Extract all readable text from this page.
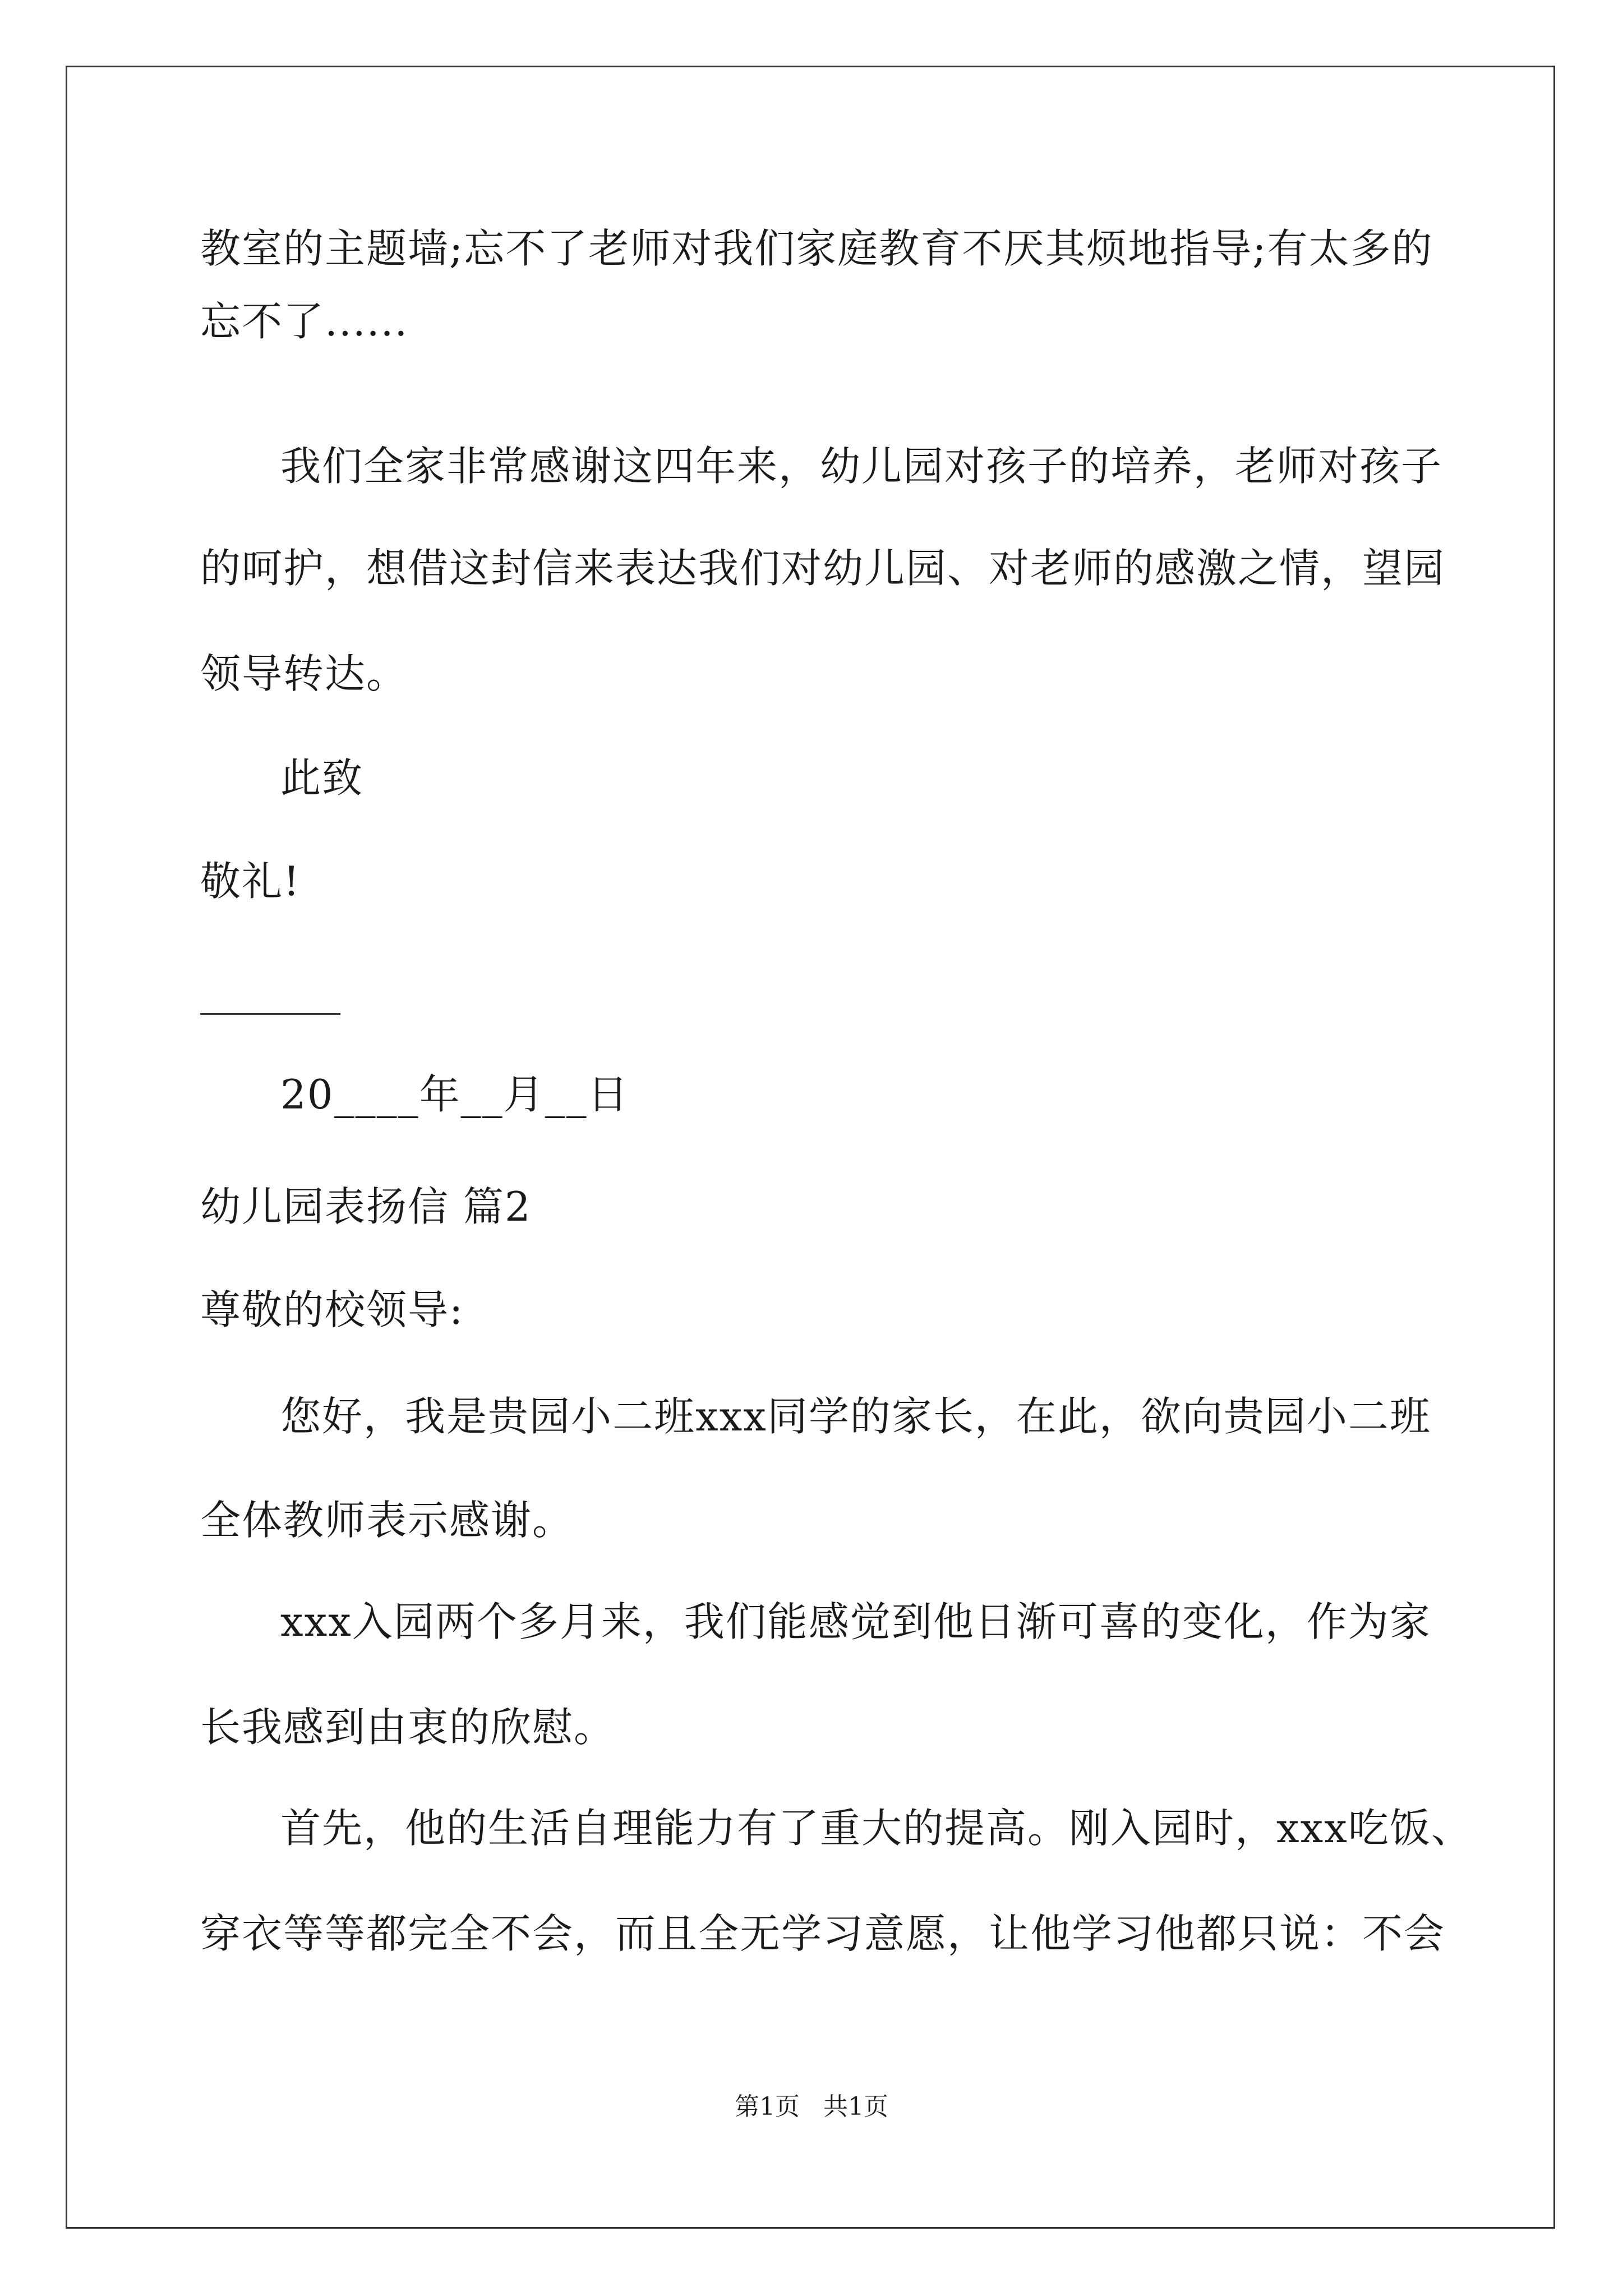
教室的主题墙;忘不了老师对我们家庭教育不厌其烦地指导;有太多的
忘不了......
我们全家非常感谢这四年来，幼儿园对孩子的培养，老师对孩子
的呵护，想借这封信来表达我们对幼儿园、对老师的感激之情，望园
领导转达。
此致
敬礼!
20____年__月__日
幼儿园表扬信 篇2
尊敬的校领导:
您好，我是贵园小二班xxx同学的家长，在此，欲向贵园小二班
全体教师表示感谢。
xxx入园两个多月来，我们能感觉到他日渐可喜的变化，作为家
长我感到由衷的欣慰。
首先，他的生活自理能力有了重大的提高。刚入园时，xxx吃饭、
穿衣等等都完全不会，而且全无学习意愿，让他学习他都只说：不会
第1页   共1页
